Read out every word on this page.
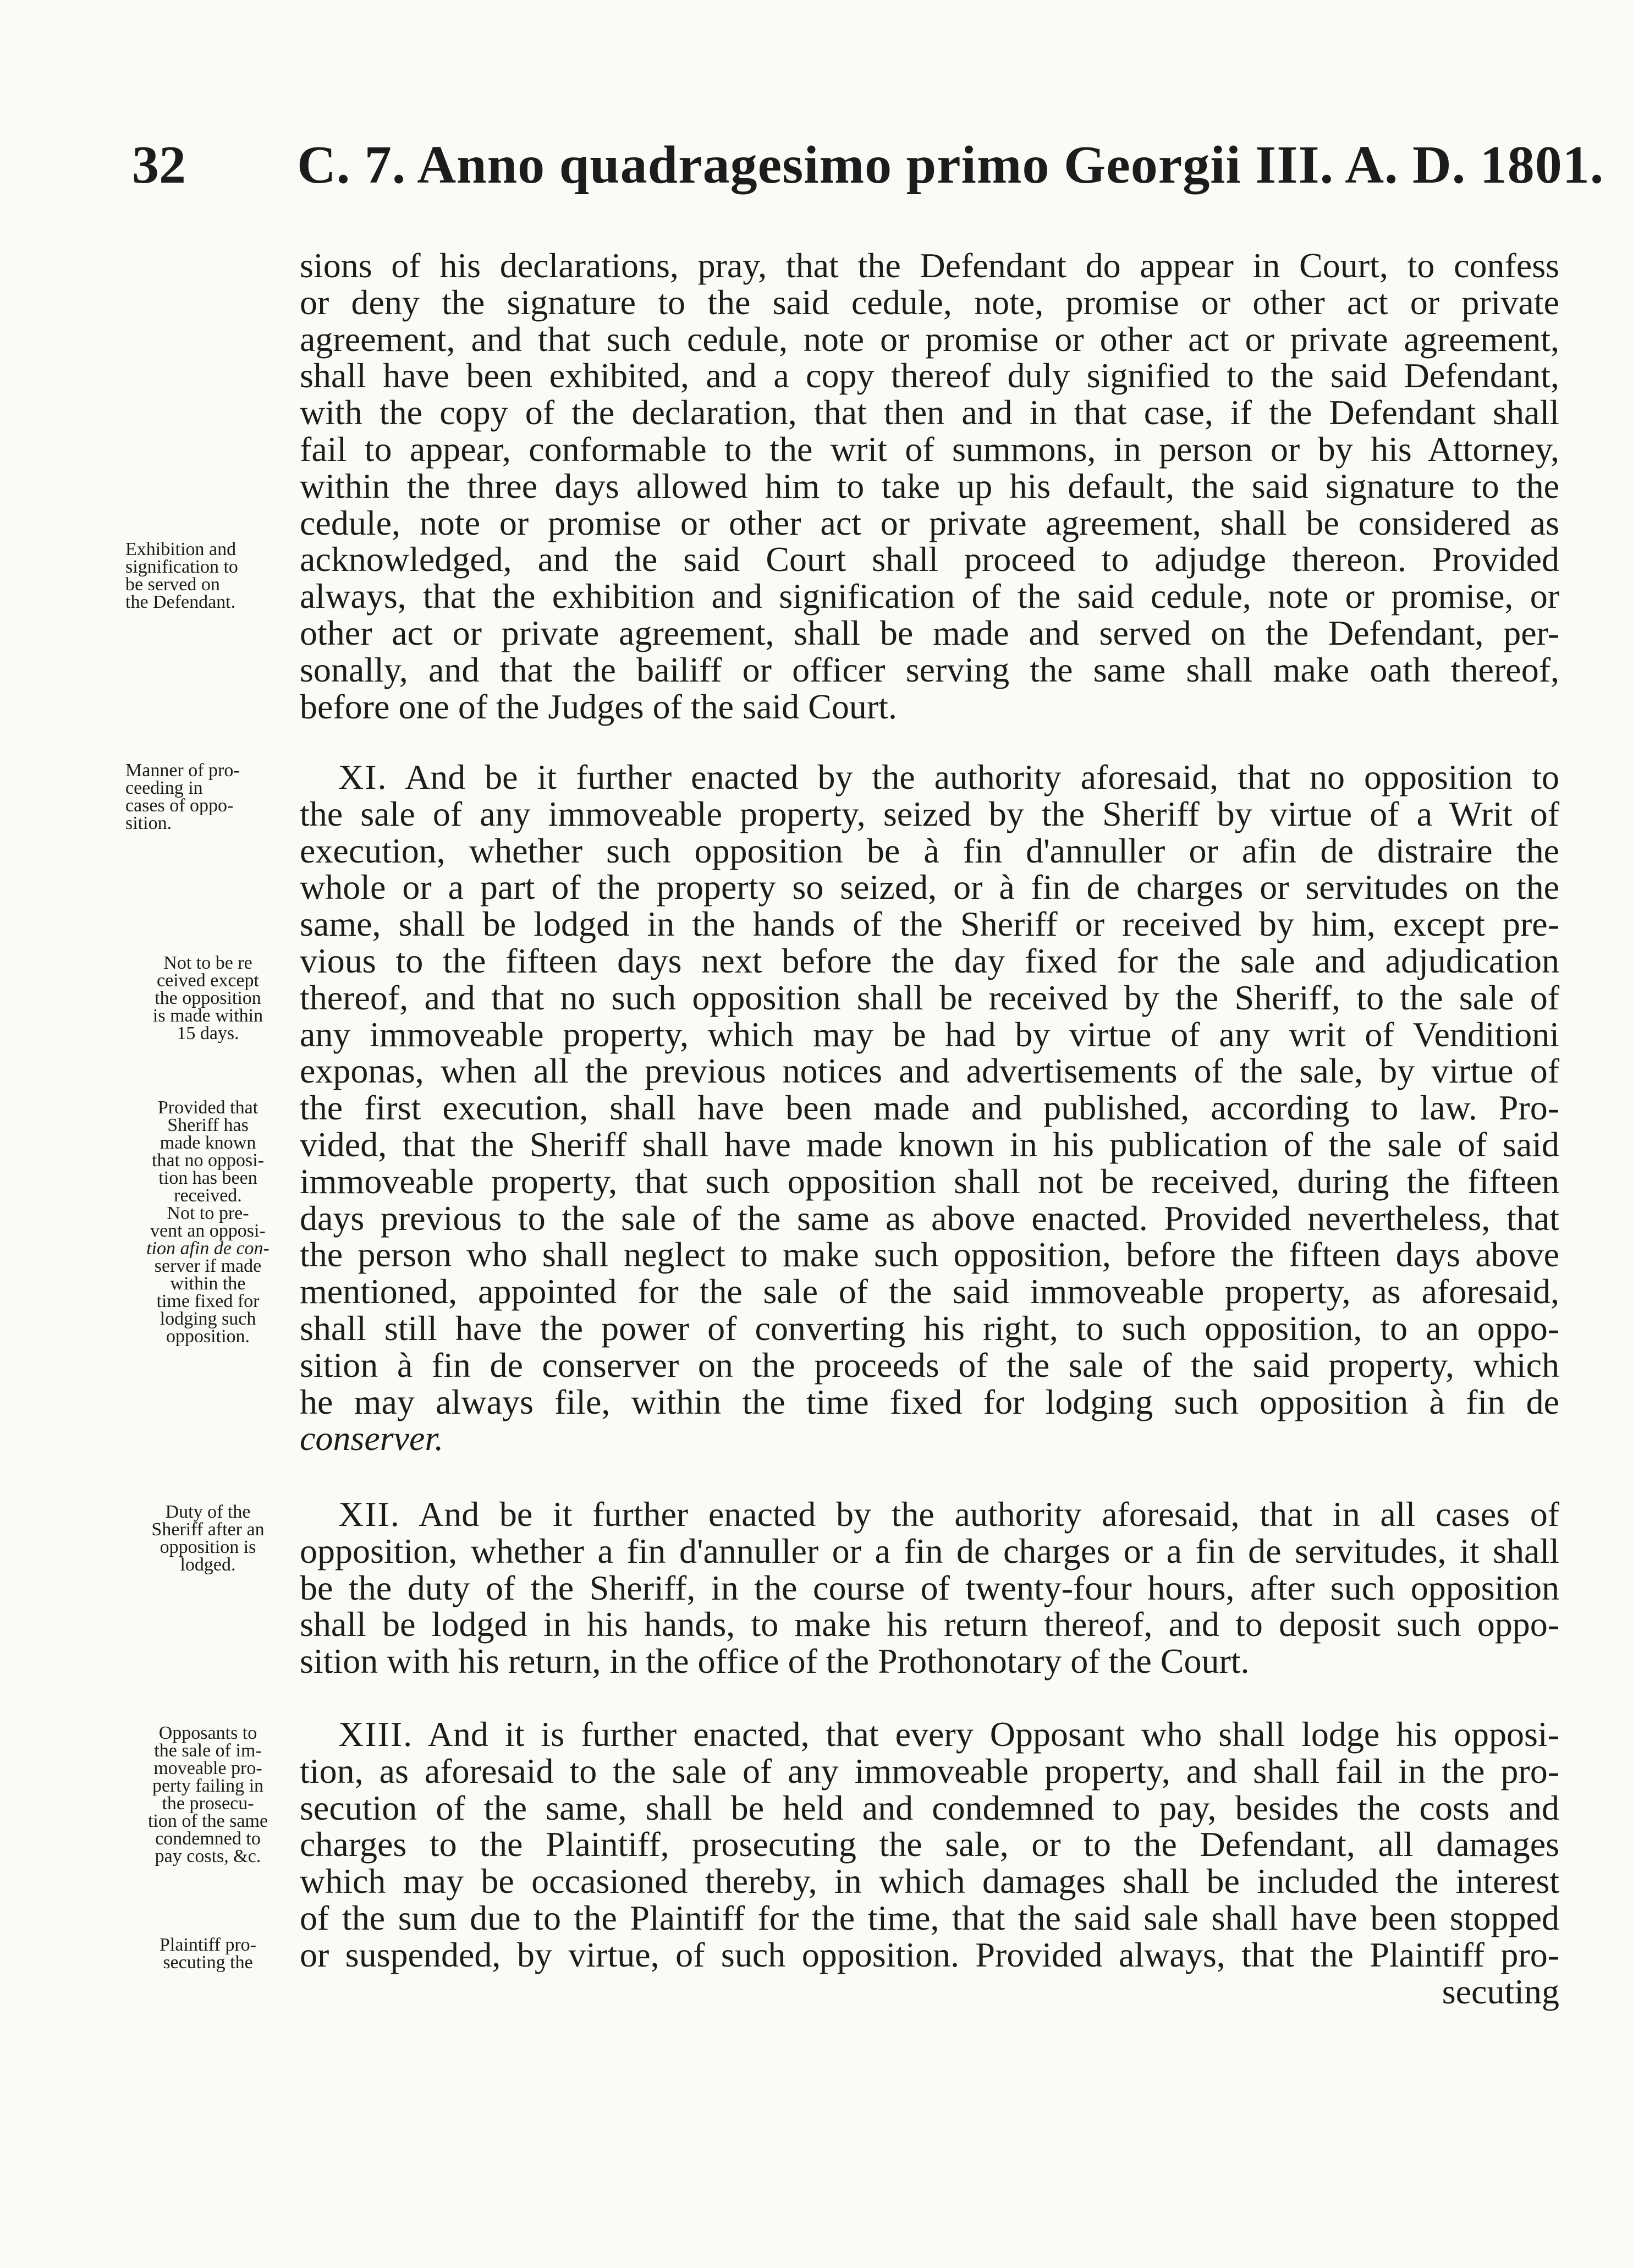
32 C. 7. Anno quadragesimo primo Georgii III. A. D. 1801.
Exhibition and
signification to
be served on
the Defendant.
Manner of pro-
ceeding in
cases of oppo-
sition.
Not to be re
ceived except
the opposition
is made within
15 days.
Provided that
Sheriff has
made known
that no opposi-
tion has been
received.
Not to pre-
vent an opposi-
tion afin de con-
server if made
within the
time fixed for
lodging such
opposition.
Duty of the
Sheriff after an
opposition is
lodged.
Opposants to
the sale of im-
moveable pro-
perty failing in
the prosecu-
tion of the same
condemned to
pay costs, &c.
Plaintiff pro-
secuting the
sions of his declarations, pray, that the Defendant do appear in Court, to confess
or deny the signature to the said cedule, note, promise or other act or private
agreement, and that such cedule, note or promise or other act or private agreement,
shall have been exhibited, and a copy thereof duly signified to the said Defendant,
with the copy of the declaration, that then and in that case, if the Defendant shall
fail to appear, conformable to the writ of summons, in person or by his Attorney,
within the three days allowed him to take up his default, the said signature to the
cedule, note or promise or other act or private agreement, shall be considered as
acknowledged, and the said Court shall proceed to adjudge thereon. Provided
always, that the exhibition and signification of the said cedule, note or promise, or
other act or private agreement, shall be made and served on the Defendant, per-
sonally, and that the bailiff or officer serving the same shall make oath thereof,
before one of the Judges of the said Court.
XI. And be it further enacted by the authority aforesaid, that no opposition to
the sale of any immoveable property, seized by the Sheriff by virtue of a Writ of
execution, whether such opposition be à fin d'annuller or afin de distraire the
whole or a part of the property so seized, or à fin de charges or servitudes on the
same, shall be lodged in the hands of the Sheriff or received by him, except pre-
vious to the fifteen days next before the day fixed for the sale and adjudication
thereof, and that no such opposition shall be received by the Sheriff, to the sale of
any immoveable property, which may be had by virtue of any writ of Venditioni
exponas, when all the previous notices and advertisements of the sale, by virtue of
the first execution, shall have been made and published, according to law. Pro-
vided, that the Sheriff shall have made known in his publication of the sale of said
immoveable property, that such opposition shall not be received, during the fifteen
days previous to the sale of the same as above enacted. Provided nevertheless, that
the person who shall neglect to make such opposition, before the fifteen days above
mentioned, appointed for the sale of the said immoveable property, as aforesaid,
shall still have the power of converting his right, to such opposition, to an oppo-
sition à fin de conserver on the proceeds of the sale of the said property, which
he may always file, within the time fixed for lodging such opposition à fin de
conserver.
XII. And be it further enacted by the authority aforesaid, that in all cases of
opposition, whether a fin d'annuller or a fin de charges or a fin de servitudes, it shall
be the duty of the Sheriff, in the course of twenty-four hours, after such opposition
shall be lodged in his hands, to make his return thereof, and to deposit such oppo-
sition with his return, in the office of the Prothonotary of the Court.
XIII. And it is further enacted, that every Opposant who shall lodge his opposi-
tion, as aforesaid to the sale of any immoveable property, and shall fail in the pro-
secution of the same, shall be held and condemned to pay, besides the costs and
charges to the Plaintiff, prosecuting the sale, or to the Defendant, all damages
which may be occasioned thereby, in which damages shall be included the interest
of the sum due to the Plaintiff for the time, that the said sale shall have been stopped
or suspended, by virtue, of such opposition. Provided always, that the Plaintiff pro-
secuting
